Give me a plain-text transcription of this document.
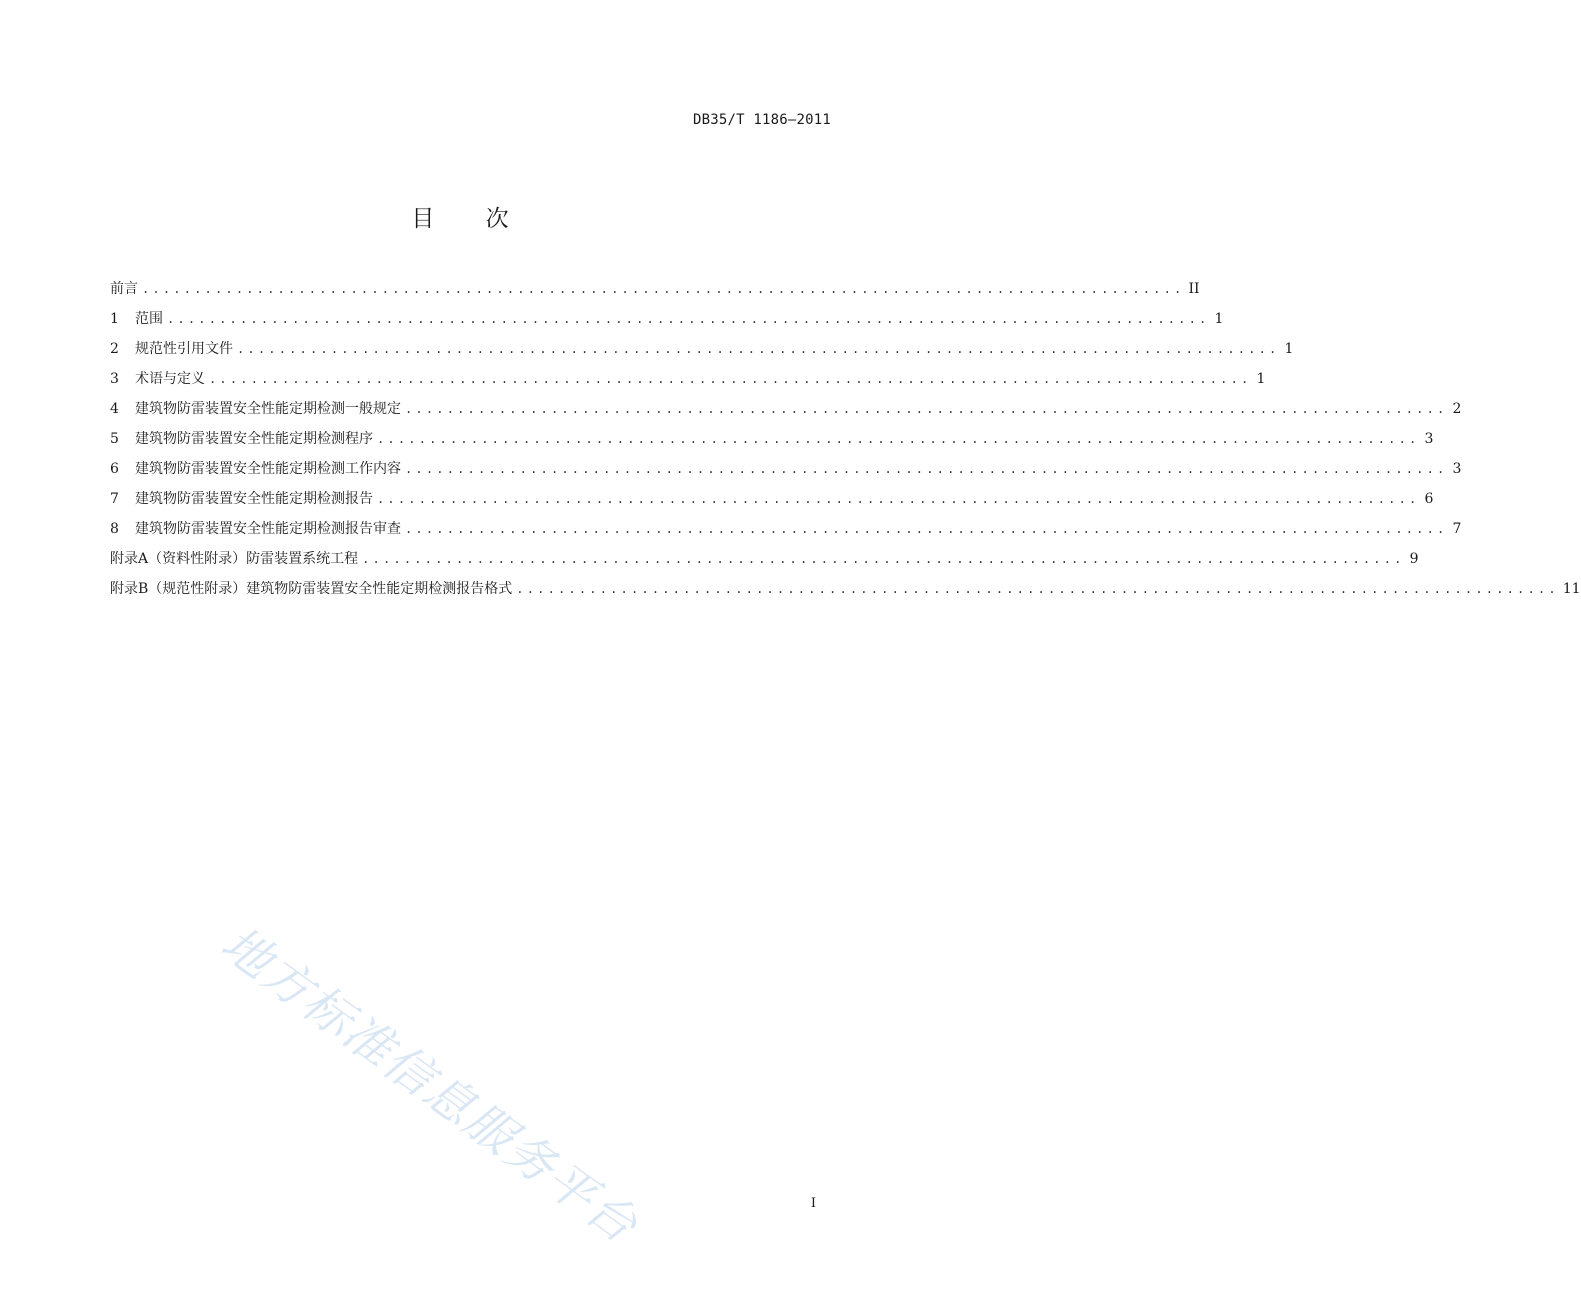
DB35/T 1186—2011
目 次
前言 .................................................................................................... II
1	范围 .................................................................................................... 1
2	规范性引用文件 .................................................................................................... 1
3	术语与定义 .................................................................................................... 1
4	建筑物防雷装置安全性能定期检测一般规定 .................................................................................................... 2
5	建筑物防雷装置安全性能定期检测程序 .................................................................................................... 3
6	建筑物防雷装置安全性能定期检测工作内容 .................................................................................................... 3
7	建筑物防雷装置安全性能定期检测报告 .................................................................................................... 6
8	建筑物防雷装置安全性能定期检测报告审查 .................................................................................................... 7
附录A（资料性附录） 防雷装置系统工程 .................................................................................................... 9
附录B（规范性附录） 建筑物防雷装置安全性能定期检测报告格式 .................................................................................................... 11
地方标准信息服务平台	I
